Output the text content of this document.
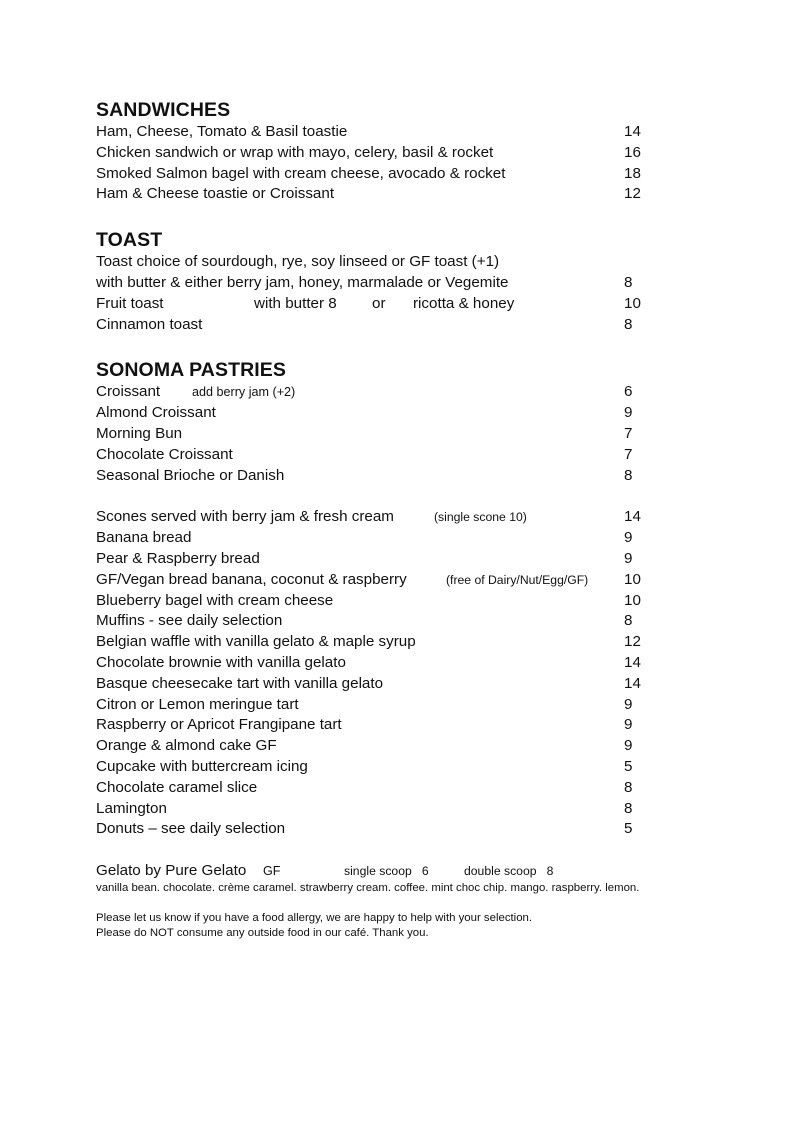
SANDWICHES
Ham, Cheese, Tomato & Basil toastie	14
Chicken sandwich or wrap with mayo, celery, basil & rocket	16
Smoked Salmon bagel with cream cheese, avocado & rocket	18
Ham & Cheese toastie or Croissant	12
TOAST
Toast choice of sourdough, rye, soy linseed or GF toast (+1)
with butter & either berry jam, honey, marmalade or Vegemite	8
Fruit toast	with butter 8 or ricotta & honey	10
Cinnamon toast	8
SONOMA PASTRIES
Croissant	add berry jam (+2)	6
Almond Croissant	9
Morning Bun	7
Chocolate Croissant	7
Seasonal Brioche or Danish	8
Scones served with berry jam & fresh cream	(single scone 10)	14
Banana bread	9
Pear & Raspberry bread	9
GF/Vegan bread banana, coconut & raspberry	(free of Dairy/Nut/Egg/GF) 10
Blueberry bagel with cream cheese	10
Muffins - see daily selection	8
Belgian waffle with vanilla gelato & maple syrup	12
Chocolate brownie with vanilla gelato	14
Basque cheesecake tart with vanilla gelato	14
Citron or Lemon meringue tart	9
Raspberry or Apricot Frangipane tart	9
Orange & almond cake GF	9
Cupcake with buttercream icing	5
Chocolate caramel slice	8
Lamington	8
Donuts – see daily selection	5
Gelato by Pure Gelato GF	single scoop   6	double scoop   8
vanilla bean. chocolate. crème caramel. strawberry cream. coffee. mint choc chip. mango. raspberry. lemon.
Please let us know if you have a food allergy, we are happy to help with your selection.
Please do NOT consume any outside food in our café. Thank you.
